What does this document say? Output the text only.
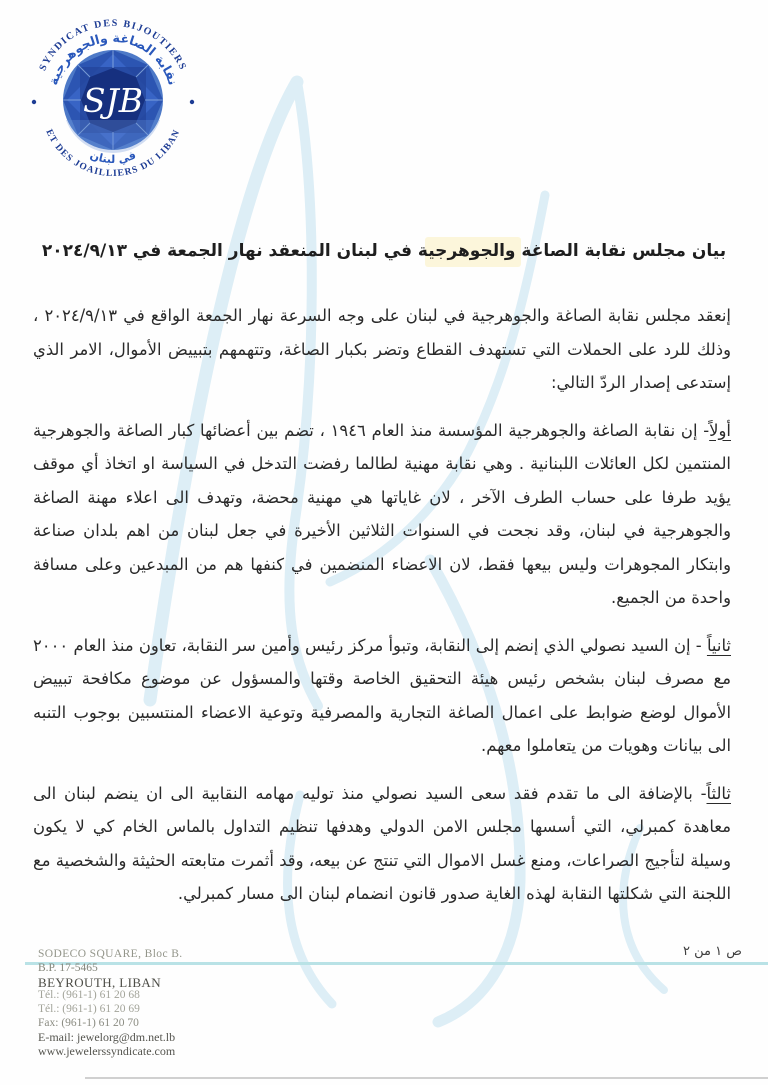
SJB
SYNDICAT DES BIJOUTIERS
نقابة الصاغة والجوهرجية
ET DES JOAILLIERS DU LIBAN
في لبنان
بيان مجلس نقابة الصاغة والجوهرجية في لبنان المنعقد نهار الجمعة في ٢٠٢٤/٩/١٣

إنعقد مجلس نقابة الصاغة والجوهرجية في لبنان على وجه السرعة نهار الجمعة الواقع في ٢٠٢٤/٩/١٣ ، وذلك للرد على الحملات التي تستهدف القطاع وتضر بكبار الصاغة، وتتهمهم بتبييض الأموال، الامر الذي إستدعى إصدار الردّ التالي:

أولاً- إن نقابة الصاغة والجوهرجية المؤسسة منذ العام ١٩٤٦ ، تضم بين أعضائها كبار الصاغة والجوهرجية المنتمين لكل العائلات اللبنانية . وهي نقابة مهنية لطالما رفضت التدخل في السياسة او اتخاذ أي موقف يؤيد طرفا على حساب الطرف الآخر ، لان غاياتها هي مهنية محضة، وتهدف الى اعلاء مهنة الصاغة والجوهرجية في لبنان، وقد نجحت في السنوات الثلاثين الأخيرة في جعل لبنان من اهم بلدان صناعة وابتكار المجوهرات وليس بيعها فقط، لان الاعضاء المنضمين في كنفها هم من المبدعين وعلى مسافة واحدة من الجميع.

ثانياً - إن السيد نصولي الذي إنضم إلى النقابة، وتبوأ مركز رئيس وأمين سر النقابة، تعاون منذ العام ٢٠٠٠ مع مصرف لبنان بشخص رئيس هيئة التحقيق الخاصة وقتها والمسؤول عن موضوع مكافحة تبييض الأموال لوضع ضوابط على اعمال الصاغة التجارية والمصرفية وتوعية الاعضاء المنتسبين بوجوب التنبه الى بيانات وهويات من يتعاملوا معهم.

ثالثاً- بالإضافة الى ما تقدم فقد سعى السيد نصولي منذ توليه مهامه النقابية الى ان ينضم لبنان الى معاهدة كمبرلي، التي أسسها مجلس الامن الدولي وهدفها تنظيم التداول بالماس الخام كي لا يكون وسيلة لتأجيج الصراعات، ومنع غسل الاموال التي تنتج عن بيعه، وقد أثمرت متابعته الحثيثة والشخصية مع اللجنة التي شكلتها النقابة لهذه الغاية صدور قانون انضمام لبنان الى مسار كمبرلي.

SODECO SQUARE, Bloc B.
B.P. 17-5465
BEYROUTH, LIBAN
Tél.: (961-1) 61 20 68
Tél.: (961-1) 61 20 69
Fax: (961-1) 61 20 70
E-mail: jewelorg@dm.net.lb
www.jewelerssyndicate.com
ص ١ من ٢
